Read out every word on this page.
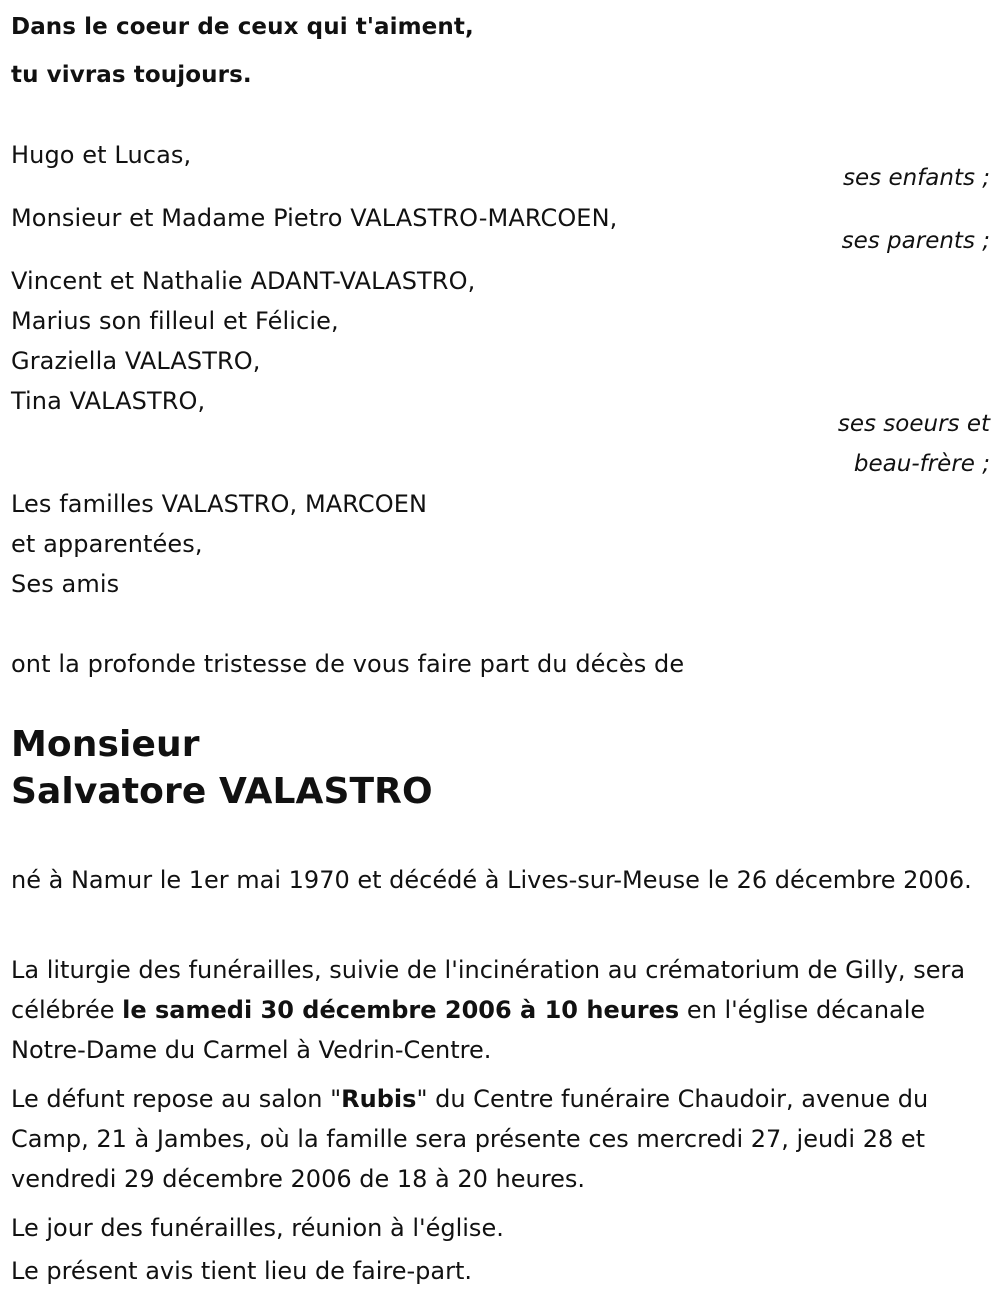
Dans le coeur de ceux qui t'aiment,
tu vivras toujours.
Hugo et Lucas,
ses enfants ;
Monsieur et Madame Pietro VALASTRO-MARCOEN,
ses parents ;
Vincent et Nathalie ADANT-VALASTRO,
Marius son filleul et Félicie,
Graziella VALASTRO,
Tina VALASTRO,
ses soeurs et
beau-frère ;
Les familles VALASTRO, MARCOEN
et apparentées,
Ses amis
ont la profonde tristesse de vous faire part du décès de
Monsieur
Salvatore VALASTRO
né à Namur le 1er mai 1970 et décédé à Lives-sur-Meuse le 26 décembre 2006.
La liturgie des funérailles, suivie de l'incinération au crématorium de Gilly, sera célébrée le samedi 30 décembre 2006 à 10 heures en l'église décanale Notre-Dame du Carmel à Vedrin-Centre.
Le défunt repose au salon "Rubis" du Centre funéraire Chaudoir, avenue du Camp, 21 à Jambes, où la famille sera présente ces mercredi 27, jeudi 28 et vendredi 29 décembre 2006 de 18 à 20 heures.
Le jour des funérailles, réunion à l'église.
Le présent avis tient lieu de faire-part.
